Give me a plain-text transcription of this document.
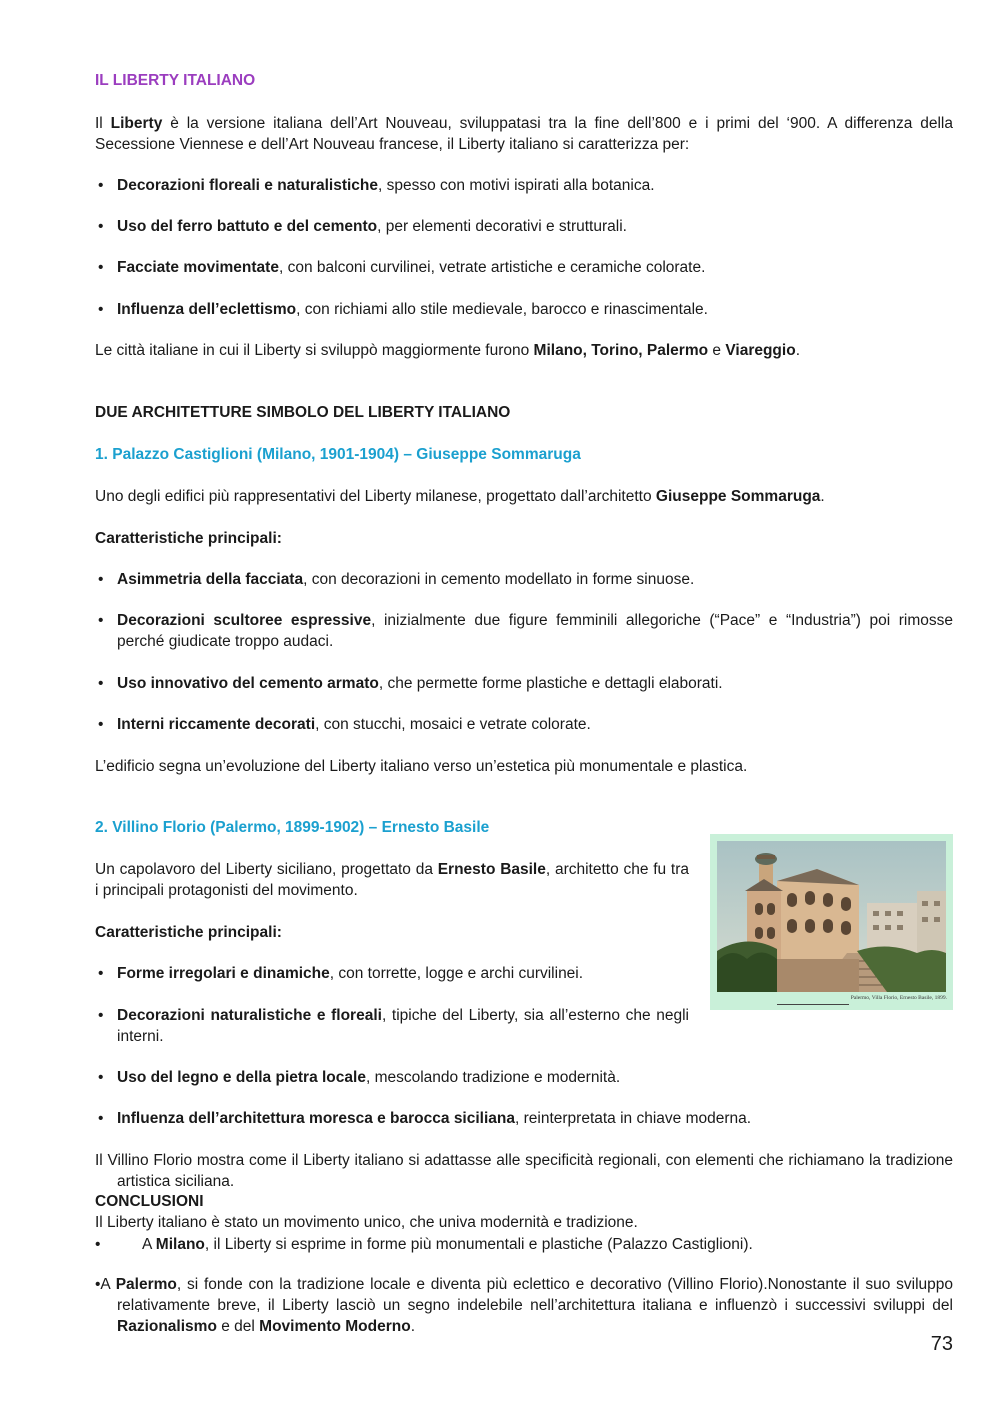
IL LIBERTY ITALIANO
Il Liberty è la versione italiana dell’Art Nouveau, sviluppatasi tra la fine dell’800 e i primi del ‘900. A differenza della Secessione Viennese e dell’Art Nouveau francese, il Liberty italiano si caratterizza per:
• Decorazioni floreali e naturalistiche, spesso con motivi ispirati alla botanica.
• Uso del ferro battuto e del cemento, per elementi decorativi e strutturali.
• Facciate movimentate, con balconi curvilinei, vetrate artistiche e ceramiche colorate.
• Influenza dell’eclettismo, con richiami allo stile medievale, barocco e rinascimentale.
Le città italiane in cui il Liberty si sviluppò maggiormente furono Milano, Torino, Palermo e Viareggio.
DUE ARCHITETTURE SIMBOLO DEL LIBERTY ITALIANO
1. Palazzo Castiglioni (Milano, 1901-1904) – Giuseppe Sommaruga
Uno degli edifici più rappresentativi del Liberty milanese, progettato dall’architetto Giuseppe Sommaruga.
Caratteristiche principali:
• Asimmetria della facciata, con decorazioni in cemento modellato in forme sinuose.
• Decorazioni scultoree espressive, inizialmente due figure femminili allegoriche (“Pace” e “Industria”) poi rimosse perché giudicate troppo audaci.
• Uso innovativo del cemento armato, che permette forme plastiche e dettagli elaborati.
• Interni riccamente decorati, con stucchi, mosaici e vetrate colorate.
L’edificio segna un’evoluzione del Liberty italiano verso un’estetica più monumentale e plastica.
2. Villino Florio (Palermo, 1899-1902) – Ernesto Basile
Un capolavoro del Liberty siciliano, progettato da Ernesto Basile, architetto che fu tra i principali protagonisti del movimento.
Caratteristiche principali:
• Forme irregolari e dinamiche, con torrette, logge e archi curvilinei.
• Decorazioni naturalistiche e floreali, tipiche del Liberty, sia all’esterno che negli interni.
• Uso del legno e della pietra locale, mescolando tradizione e modernità.
• Influenza dell’architettura moresca e barocca siciliana, reinterpretata in chiave moderna.
Il Villino Florio mostra come il Liberty italiano si adattasse alle specificità regionali, con elementi che richiamano la tradizione artistica siciliana.
CONCLUSIONI
Il Liberty italiano è stato un movimento unico, che univa modernità e tradizione.
•	A Milano, il Liberty si esprime in forme più monumentali e plastiche (Palazzo Castiglioni).
•A Palermo, si fonde con la tradizione locale e diventa più eclettico e decorativo (Villino Florio).Nonostante il suo sviluppo relativamente breve, il Liberty lasciò un segno indelebile nell’architettura italiana e influenzò i successivi sviluppi del Razionalismo e del Movimento Moderno.
Palermo, Villa Florio, Ernesto Basile, 1899.
73
